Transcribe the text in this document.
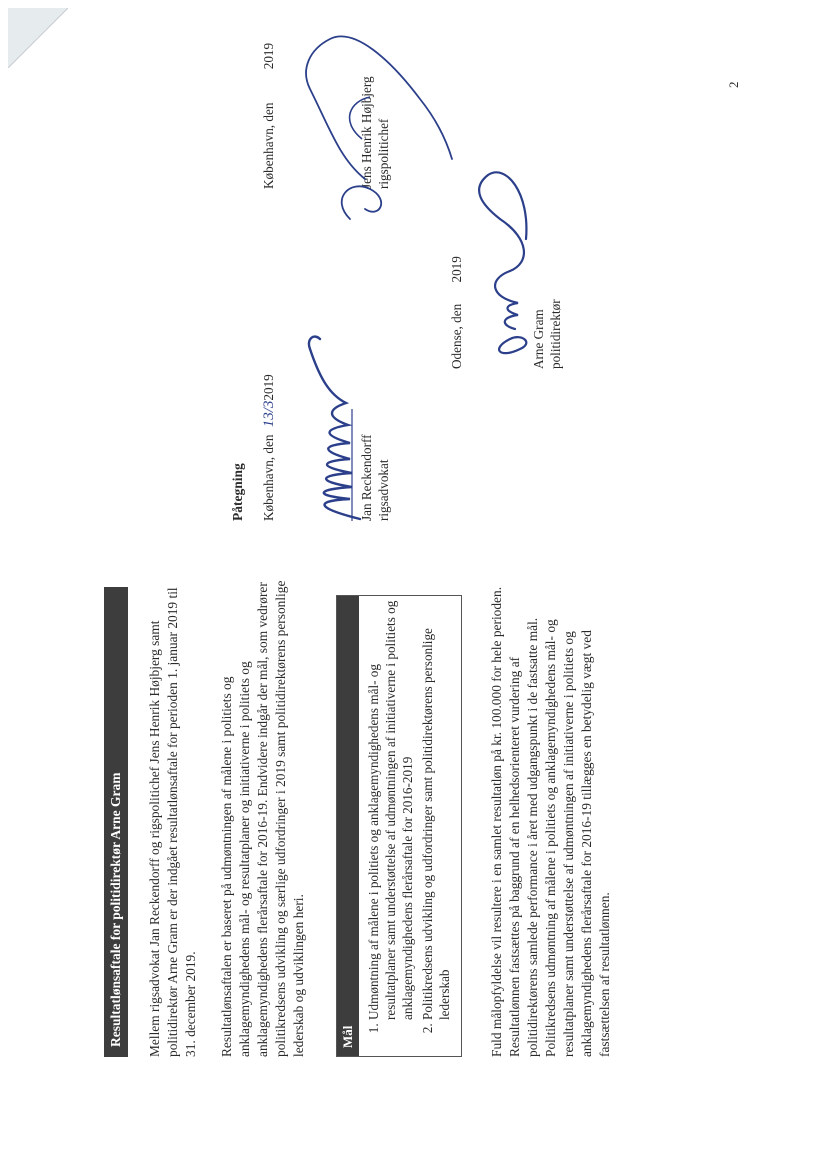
2
Resultatlønsaftale for politidirektør Arne Gram	Mellem rigsadvokat Jan Reckendorff og rigspolitichef Jens Henrik Højbjerg samt politidirektør Arne Gram er der indgået resultatlønsaftale for perioden 1. januar 2019 til 31. december 2019. Resultatlønsaftalen er baseret på udmøntningen af målene i politiets og anklagemyndighedens mål- og resultatplaner og initiativerne i politiets og anklagemyndighedens flerårsaftale for 2016-19. Endvidere indgår der mål, som vedrører politikredsens udvikling og særlige udfordringer i 2019 samt politidirektørens personlige lederskab og udviklingen heri.	Mål
1. Udmøntning af målene i politiets og anklagemyndighedens mål- og resultatplaner samt understøttelse af udmøntningen af initiativerne i politiets og anklagemyndighedens flerårsaftale for 2016-2019
2. Politikredsens udvikling og udfordringer samt politidirektørens personlige lederskab	Fuld målopfyldelse vil resultere i en samlet resultatløn på kr. 100.000 for hele perioden. Resultatlønnen fastsættes på baggrund af en helhedsorienteret vurdering af politidirektørens samlede performance i året med udgangspunkt i de fastsatte mål. Politikredsens udmøntning af målene i politiets og anklagemyndighedens mål- og resultatplaner samt understøttelse af udmøntningen af initiativerne i politiets og anklagemyndighedens flerårsaftale for 2016-19 tillægges en betydelig vægt ved fastsættelsen af resultatlønnen.

Påtegning København, den 13/32019
Jan Reckendorff rigsadvokat
Odense, den 2019
Arne Gram politidirektør
København, den 2019
Jens Henrik Højbjerg rigspolitichef
